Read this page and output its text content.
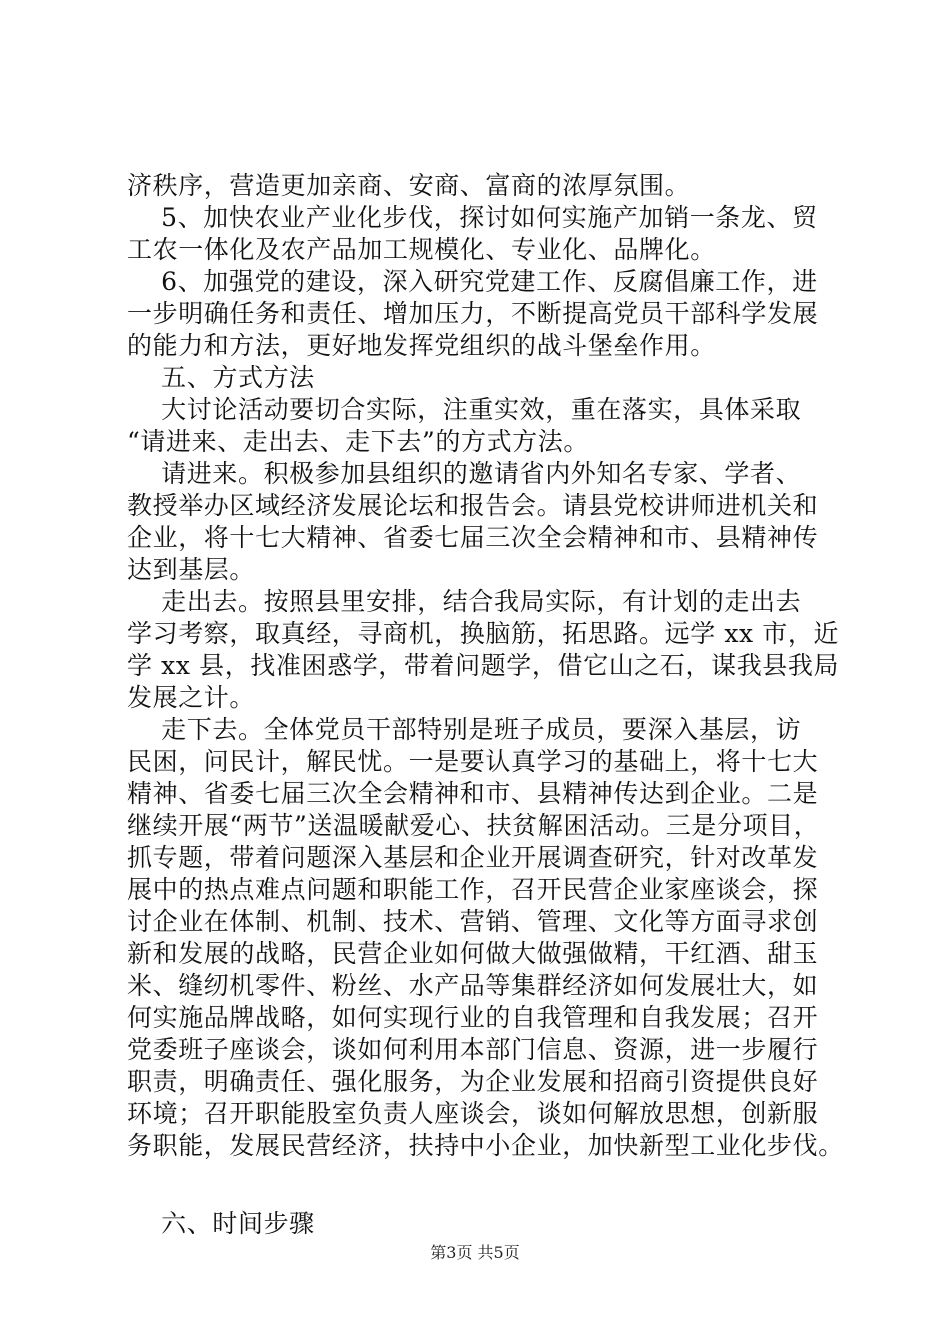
济秩序，营造更加亲商、安商、富商的浓厚氛围。
5、加快农业产业化步伐，探讨如何实施产加销一条龙、贸
工农一体化及农产品加工规模化、专业化、品牌化。
6、加强党的建设，深入研究党建工作、反腐倡廉工作，进
一步明确任务和责任、增加压力，不断提高党员干部科学发展
的能力和方法，更好地发挥党组织的战斗堡垒作用。
五、方式方法
大讨论活动要切合实际，注重实效，重在落实，具体采取
“请进来、走出去、走下去”的方式方法。
请进来。积极参加县组织的邀请省内外知名专家、学者、
教授举办区域经济发展论坛和报告会。请县党校讲师进机关和
企业，将十七大精神、省委七届三次全会精神和市、县精神传
达到基层。
走出去。按照县里安排，结合我局实际，有计划的走出去
学习考察，取真经，寻商机，换脑筋，拓思路。远学 xx 市，近
学 xx 县，找准困惑学，带着问题学，借它山之石，谋我县我局
发展之计。
走下去。全体党员干部特别是班子成员，要深入基层，访
民困，问民计，解民忧。一是要认真学习的基础上，将十七大
精神、省委七届三次全会精神和市、县精神传达到企业。二是
继续开展“两节”送温暖献爱心、扶贫解困活动。三是分项目，
抓专题，带着问题深入基层和企业开展调查研究，针对改革发
展中的热点难点问题和职能工作，召开民营企业家座谈会，探
讨企业在体制、机制、技术、营销、管理、文化等方面寻求创
新和发展的战略，民营企业如何做大做强做精，干红酒、甜玉
米、缝纫机零件、粉丝、水产品等集群经济如何发展壮大，如
何实施品牌战略，如何实现行业的自我管理和自我发展；召开
党委班子座谈会，谈如何利用本部门信息、资源，进一步履行
职责，明确责任、强化服务，为企业发展和招商引资提供良好
环境；召开职能股室负责人座谈会，谈如何解放思想，创新服
务职能，发展民营经济，扶持中小企业，加快新型工业化步伐。
六、时间步骤
第3页 共5页
